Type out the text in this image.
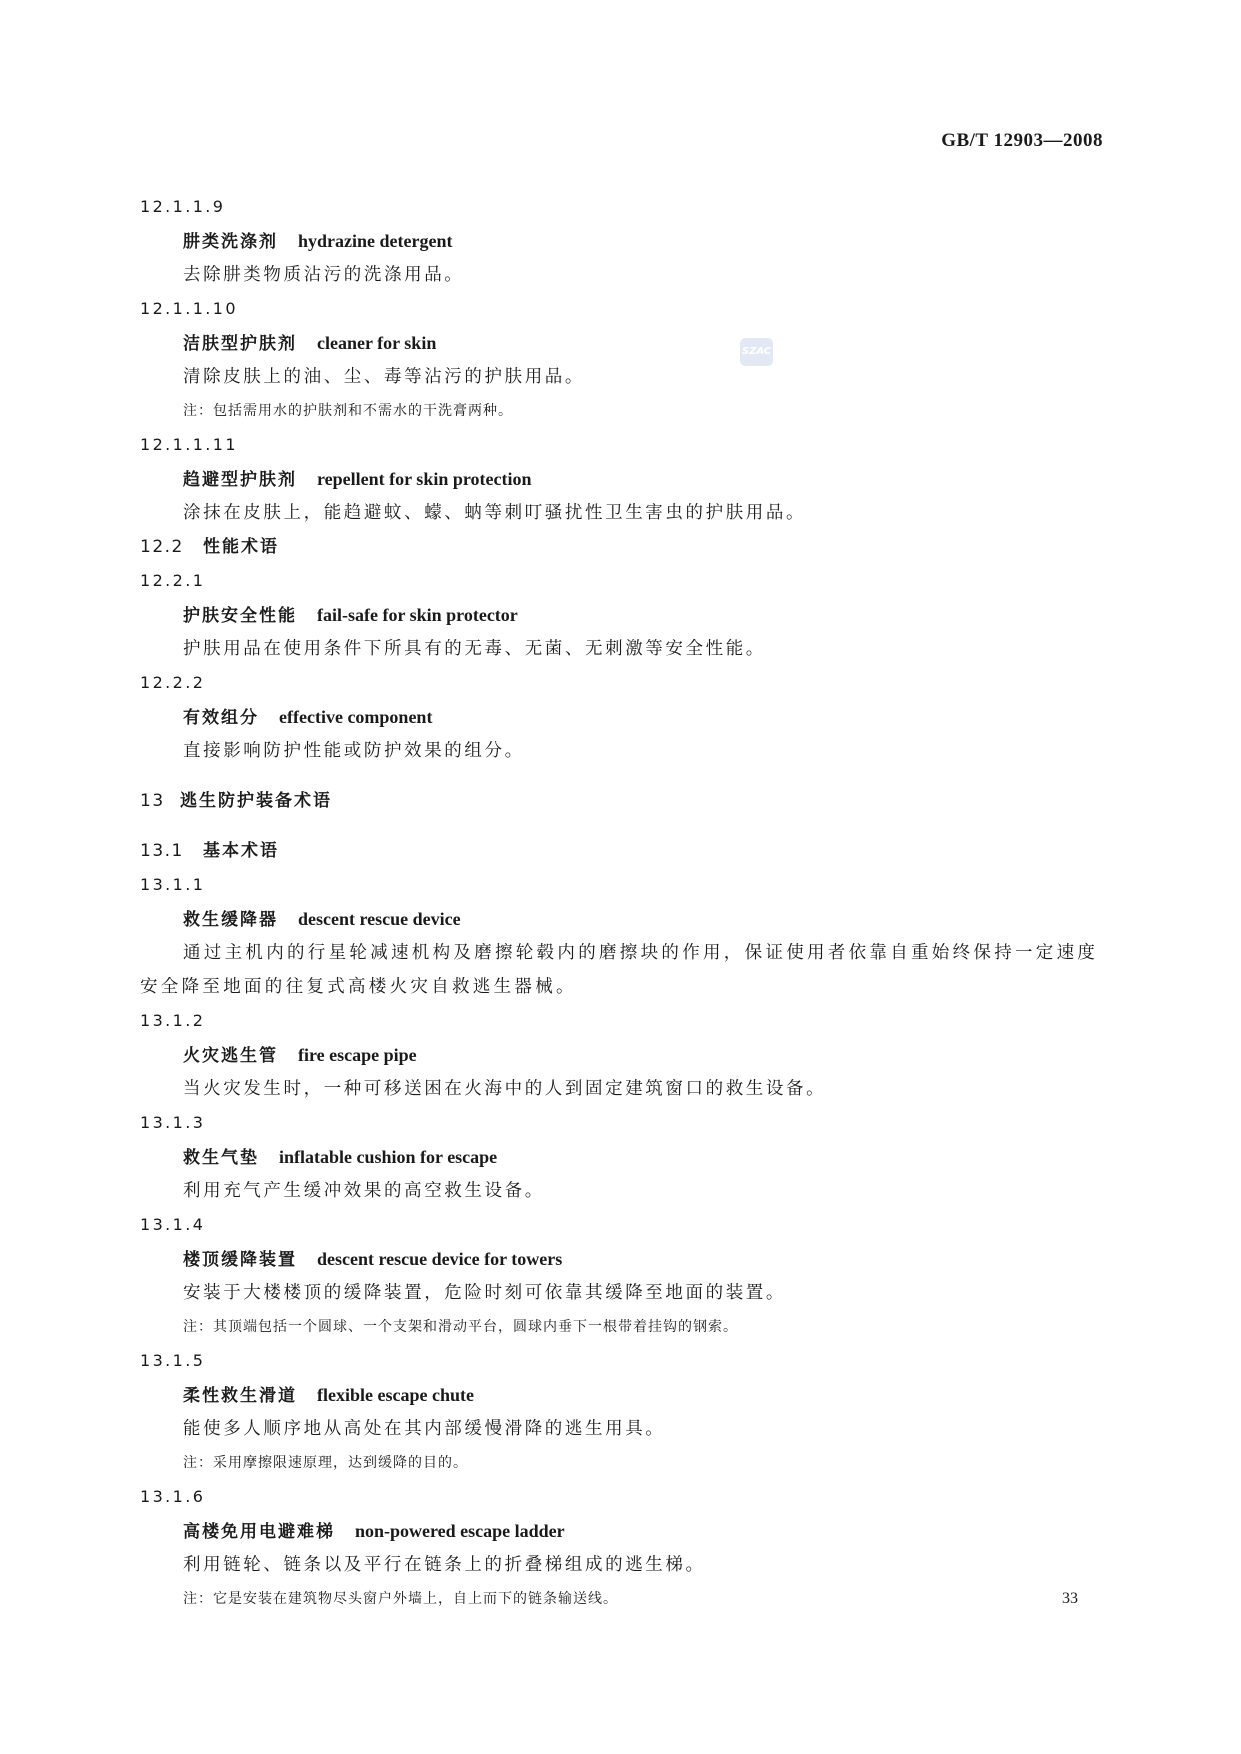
GB/T 12903—2008
SZAC
12.1.1.9
肼类洗涤剂 hydrazine detergent

去除肼类物质沾污的洗涤用品。

12.1.1.10
洁肤型护肤剂 cleaner for skin

清除皮肤上的油、尘、毒等沾污的护肤用品。

注：包括需用水的护肤剂和不需水的干洗膏两种。

12.1.1.11
趋避型护肤剂 repellent for skin protection

涂抹在皮肤上，能趋避蚊、蠓、蚋等刺叮骚扰性卫生害虫的护肤用品。

12.2 性能术语
12.2.1
护肤安全性能 fail-safe for skin protector

护肤用品在使用条件下所具有的无毒、无菌、无刺激等安全性能。

12.2.2
有效组分 effective component

直接影响防护性能或防护效果的组分。

13 逃生防护装备术语
13.1 基本术语
13.1.1
救生缓降器 descent rescue device

通过主机内的行星轮减速机构及磨擦轮毂内的磨擦块的作用，保证使用者依靠自重始终保持一定速度安全降至地面的往复式高楼火灾自救逃生器械。

13.1.2
火灾逃生管 fire escape pipe

当火灾发生时，一种可移送困在火海中的人到固定建筑窗口的救生设备。

13.1.3
救生气垫 inflatable cushion for escape

利用充气产生缓冲效果的高空救生设备。

13.1.4
楼顶缓降装置 descent rescue device for towers

安装于大楼楼顶的缓降装置，危险时刻可依靠其缓降至地面的装置。

注：其顶端包括一个圆球、一个支架和滑动平台，圆球内垂下一根带着挂钩的钢索。

13.1.5
柔性救生滑道 flexible escape chute

能使多人顺序地从高处在其内部缓慢滑降的逃生用具。

注：采用摩擦限速原理，达到缓降的目的。

13.1.6
高楼免用电避难梯 non-powered escape ladder

利用链轮、链条以及平行在链条上的折叠梯组成的逃生梯。

注：它是安装在建筑物尽头窗户外墙上，自上而下的链条输送线。	33
